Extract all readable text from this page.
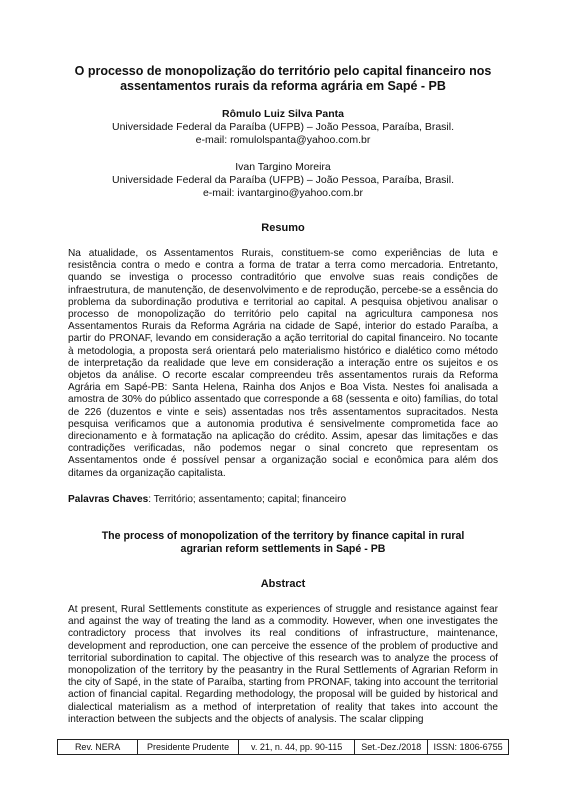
O processo de monopolização do território pelo capital financeiro nos assentamentos rurais da reforma agrária em Sapé - PB
Rômulo Luiz Silva Panta
Universidade Federal da Paraíba (UFPB) – João Pessoa, Paraíba, Brasil.
e-mail: romulolspanta@yahoo.com.br
Ivan Targino Moreira
Universidade Federal da Paraíba (UFPB) – João Pessoa, Paraíba, Brasil.
e-mail: ivantargino@yahoo.com.br
Resumo

Na atualidade, os Assentamentos Rurais, constituem-se como experiências de luta e resistência contra o medo e contra a forma de tratar a terra como mercadoria. Entretanto, quando se investiga o processo contraditório que envolve suas reais condições de infraestrutura, de manutenção, de desenvolvimento e de reprodução, percebe-se a essência do problema da subordinação produtiva e territorial ao capital. A pesquisa objetivou analisar o processo de monopolização do território pelo capital na agricultura camponesa nos Assentamentos Rurais da Reforma Agrária na cidade de Sapé, interior do estado Paraíba, a partir do PRONAF, levando em consideração a ação territorial do capital financeiro. No tocante à metodologia, a proposta será orientará pelo materialismo histórico e dialético como método de interpretação da realidade que leve em consideração a interação entre os sujeitos e os objetos da análise. O recorte escalar compreendeu três assentamentos rurais da Reforma Agrária em Sapé-PB: Santa Helena, Rainha dos Anjos e Boa Vista. Nestes foi analisada a amostra de 30% do público assentado que corresponde a 68 (sessenta e oito) famílias, do total de 226 (duzentos e vinte e seis) assentadas nos três assentamentos supracitados. Nesta pesquisa verificamos que a autonomia produtiva é sensivelmente comprometida face ao direcionamento e à formatação na aplicação do crédito. Assim, apesar das limitações e das contradições verificadas, não podemos negar o sinal concreto que representam os Assentamentos onde é possível pensar a organização social e econômica para além dos ditames da organização capitalista.

Palavras Chaves: Território; assentamento; capital; financeiro
The process of monopolization of the territory by finance capital in rural agrarian reform settlements in Sapé - PB
Abstract

At present, Rural Settlements constitute as experiences of struggle and resistance against fear and against the way of treating the land as a commodity. However, when one investigates the contradictory process that involves its real conditions of infrastructure, maintenance, development and reproduction, one can perceive the essence of the problem of productive and territorial subordination to capital. The objective of this research was to analyze the process of monopolization of the territory by the peasantry in the Rural Settlements of Agrarian Reform in the city of Sapé, in the state of Paraíba, starting from PRONAF, taking into account the territorial action of financial capital. Regarding methodology, the proposal will be guided by historical and dialectical materialism as a method of interpretation of reality that takes into account the interaction between the subjects and the objects of analysis. The scalar clipping

Rev. NERA	Presidente Prudente	v. 21, n. 44, pp. 90-115	Set.-Dez./2018	ISSN: 1806-6755
